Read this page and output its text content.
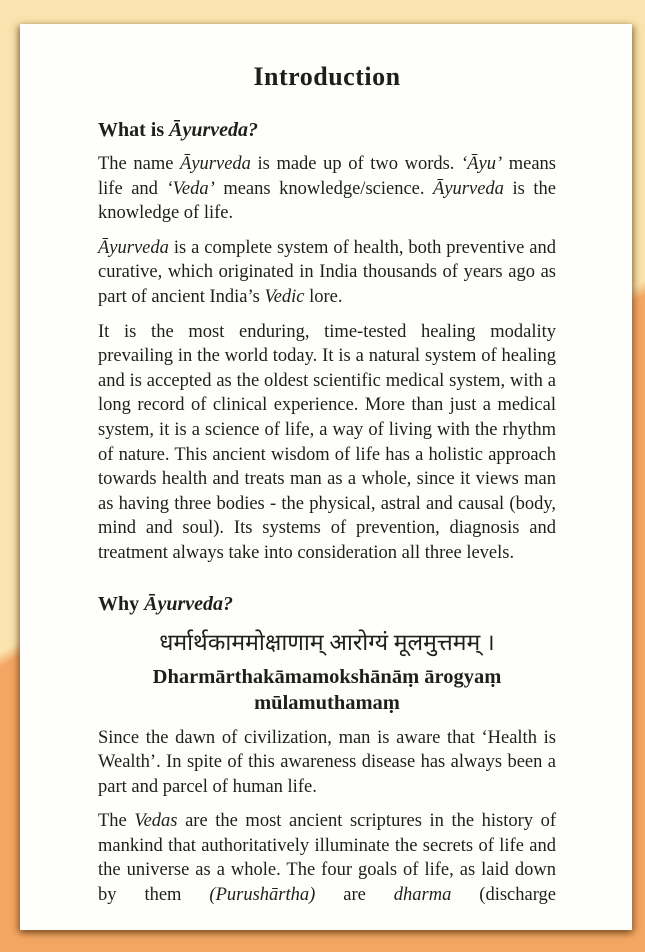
Introduction
What is Āyurveda?

The name Āyurveda is made up of two words. ‘Āyu’ means life and ‘Veda’ means knowledge/science. Āyurveda is the knowledge of life.

Āyurveda is a complete system of health, both preventive and curative, which originated in India thousands of years ago as part of ancient India’s Vedic lore.

It is the most enduring, time-tested healing modality prevailing in the world today. It is a natural system of healing and is accepted as the oldest scientific medical system, with a long record of clinical experience. More than just a medical system, it is a science of life, a way of living with the rhythm of nature. This ancient wisdom of life has a holistic approach towards health and treats man as a whole, since it views man as having three bodies - the physical, astral and causal (body, mind and soul). Its systems of prevention, diagnosis and treatment always take into consideration all three levels.

Why Āyurveda?

धर्मार्थकाममोक्षाणाम् आरोग्यं मूलमुत्तमम् ।

Dharmārthakāmamokshānāṃ ārogyaṃ
mūlamuthamaṃ

Since the dawn of civilization, man is aware that ‘Health is Wealth’. In spite of this awareness disease has always been a part and parcel of human life.

The Vedas are the most ancient scriptures in the history of mankind that authoritatively illuminate the secrets of life and the universe as a whole. The four goals of life, as laid down by them (Purushārtha) are dharma (discharge
